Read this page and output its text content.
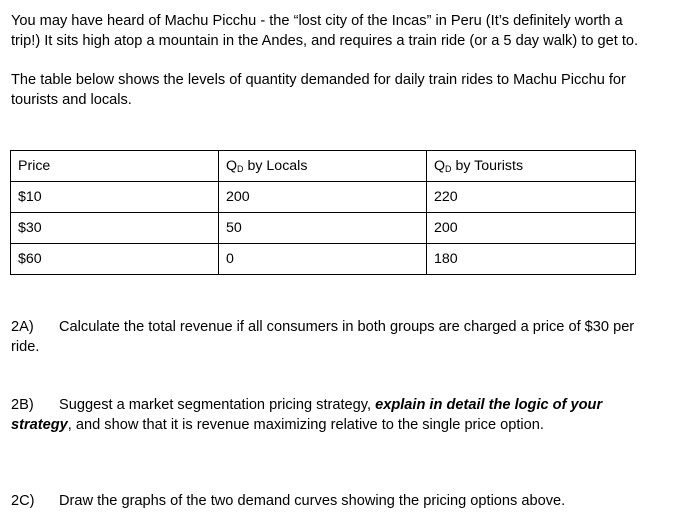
You may have heard of Machu Picchu - the “lost city of the Incas” in Peru (It’s definitely worth a trip!) It sits high atop a mountain in the Andes, and requires a train ride (or a 5 day walk) to get to.
The table below shows the levels of quantity demanded for daily train rides to Machu Picchu for tourists and locals.
Price	$Q_D$ by Locals	$Q_D$ by Tourists
$10	200	220
$30	50	200
$60	0	180
2A) Calculate the total revenue if all consumers in both groups are charged a price of $30 per ride.
2B) Suggest a market segmentation pricing strategy, explain in detail the logic of your strategy, and show that it is revenue maximizing relative to the single price option.
2C) Draw the graphs of the two demand curves showing the pricing options above.
